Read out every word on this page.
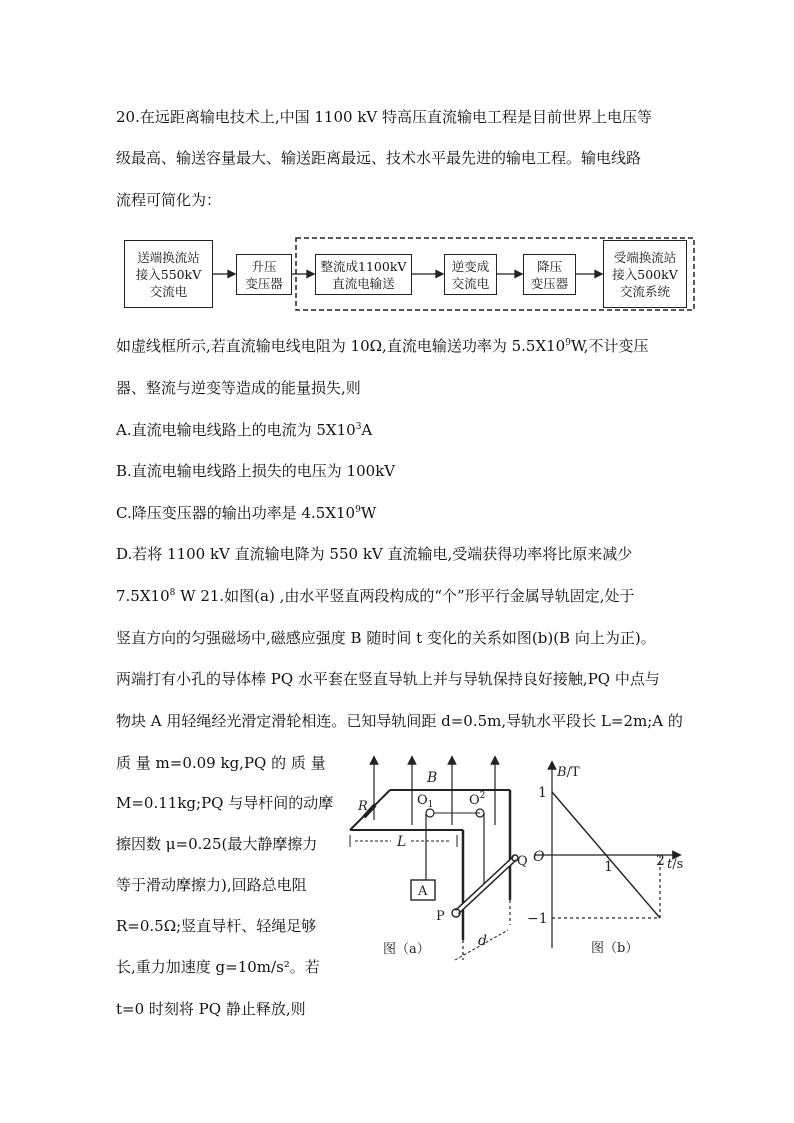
20.在远距离输电技术上,中国 1100 kV 特高压直流输电工程是目前世界上电压等
级最高、输送容量最大、输送距离最远、技术水平最先进的输电工程。输电线路
流程可简化为：
送端换流站
接入550kV
交流电
升压
变压器
整流成1100kV
直流电输送
逆变成
交流电
降压
变压器
受端换流站
接入500kV
交流系统
如虚线框所示,若直流输电线电阻为 10Ω,直流电输送功率为 $5.5X10^9W$,不计变压
器、整流与逆变等造成的能量损失,则
A.直流电输电线路上的电流为 $5X10^3A$
B.直流电输电线路上损失的电压为 100kV
C.降压变压器的输出功率是 $4.5X10^9W$
D.若将 1100 kV 直流输电降为 550 kV 直流输电,受端获得功率将比原来减少
$7.5X10^8$ W 21.如图(a) ,由水平竖直两段构成的“个”形平行金属导轨固定,处于
竖直方向的匀强磁场中,磁感应强度 B 随时间 t 变化的关系如图(b)(B 向上为正)。
两端打有小孔的导体棒 PQ 水平套在竖直导轨上并与导轨保持良好接触,PQ 中点与
物块 A 用轻绳经光滑定滑轮相连。已知导轨间距 d=0.5m,导轨水平段长 L=2m;A 的
质 量 m=0.09 kg,PQ 的 质 量
M=0.11kg;PQ 与导杆间的动摩
擦因数 μ=0.25(最大静摩擦力
等于滑动摩擦力),回路总电阻
R=0.5Ω;竖直导杆、轻绳足够
长,重力加速度 g=10m/s²。若
t=0 时刻将 PQ 静止释放,则
B
R	$O_1$	$O^2$
L
A
P
Q
d
图（a）
B/T
t/s
O
1
−1
1	2
图（b）
